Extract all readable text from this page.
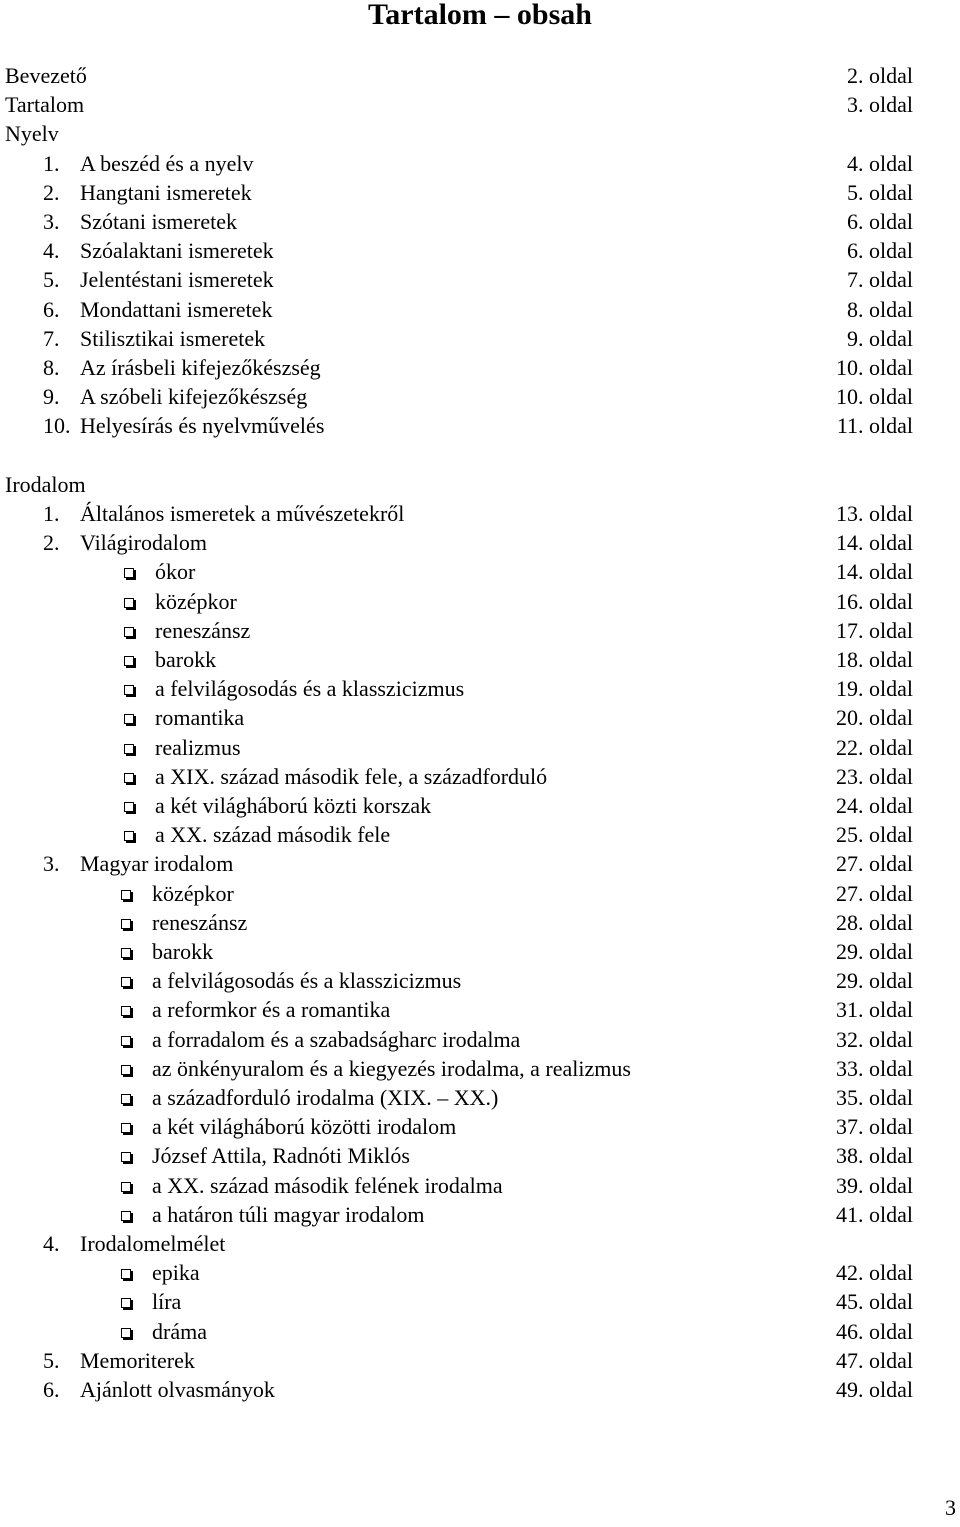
Tartalom – obsah
Bevezető	2. oldal
Tartalom	3. oldal
Nyelv
1. A beszéd és a nyelv	4. oldal
2. Hangtani ismeretek	5. oldal
3. Szótani ismeretek	6. oldal
4. Szóalaktani ismeretek	6. oldal
5. Jelentéstani ismeretek	7. oldal
6. Mondattani ismeretek	8. oldal
7. Stilisztikai ismeretek	9. oldal
8. Az írásbeli kifejezőkészség	10. oldal
9. A szóbeli kifejezőkészség	10. oldal
10. Helyesírás és nyelvművelés	11. oldal
Irodalom
1. Általános ismeretek a művészetekről	13. oldal
2. Világirodalom	14. oldal
ókor	14. oldal
középkor	16. oldal
reneszánsz	17. oldal
barokk	18. oldal
a felvilágosodás és a klasszicizmus	19. oldal
romantika	20. oldal
realizmus	22. oldal
a XIX. század második fele, a századforduló	23. oldal
a két világháború közti korszak	24. oldal
a XX. század második fele	25. oldal
3. Magyar irodalom	27. oldal
középkor	27. oldal
reneszánsz	28. oldal
barokk	29. oldal
a felvilágosodás és a klasszicizmus	29. oldal
a reformkor és a romantika	31. oldal
a forradalom és a szabadságharc irodalma	32. oldal
az önkényuralom és a kiegyezés irodalma, a realizmus	33. oldal
a századforduló irodalma (XIX. – XX.)	35. oldal
a két világháború közötti irodalom	37. oldal
József Attila, Radnóti Miklós	38. oldal
a XX. század második felének irodalma	39. oldal
a határon túli magyar irodalom	41. oldal
4. Irodalomelmélet
epika	42. oldal
líra	45. oldal
dráma	46. oldal
5. Memoriterek	47. oldal
6. Ajánlott olvasmányok	49. oldal
3
